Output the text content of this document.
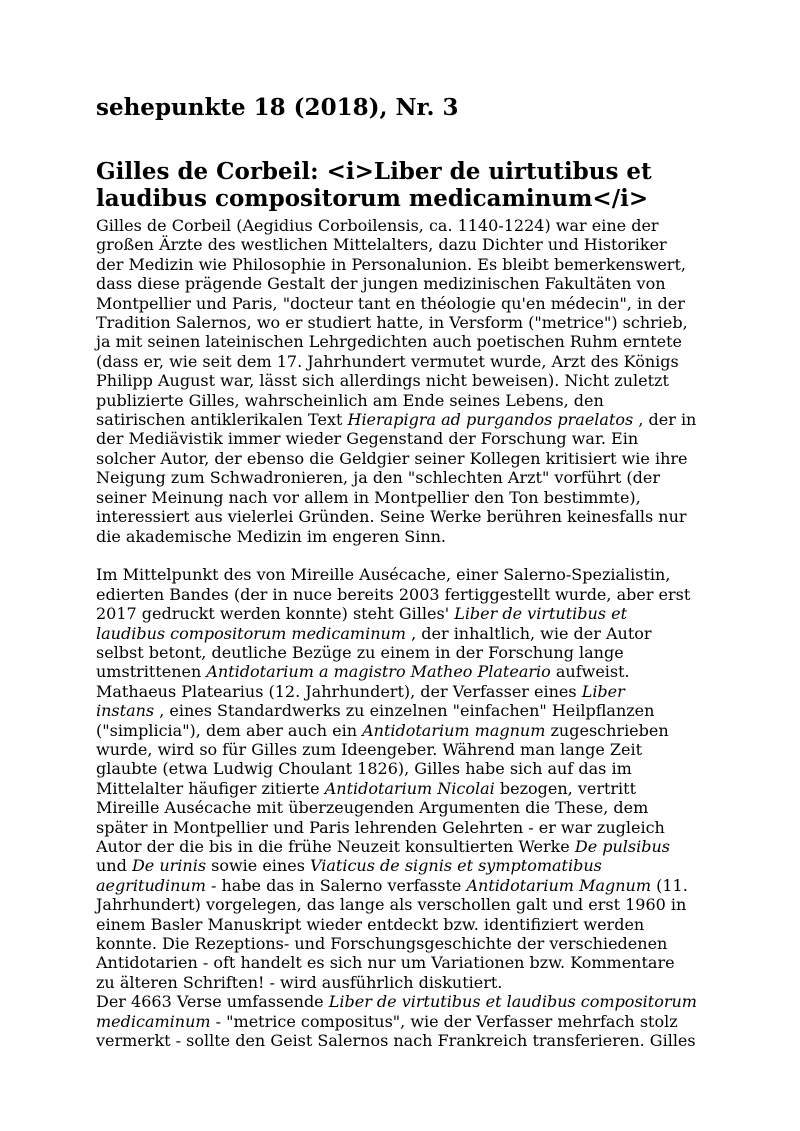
sehepunkte 18 (2018), Nr. 3
Gilles de Corbeil: <i>Liber de uirtutibus et
laudibus compositorum medicaminum</i>

Gilles de Corbeil (Aegidius Corboilensis, ca. 1140-1224) war eine der
großen Ärzte des westlichen Mittelalters, dazu Dichter und Historiker
der Medizin wie Philosophie in Personalunion. Es bleibt bemerkenswert,
dass diese prägende Gestalt der jungen medizinischen Fakultäten von
Montpellier und Paris, "docteur tant en théologie qu'en médecin", in der
Tradition Salernos, wo er studiert hatte, in Versform ("metrice") schrieb,
ja mit seinen lateinischen Lehrgedichten auch poetischen Ruhm erntete
(dass er, wie seit dem 17. Jahrhundert vermutet wurde, Arzt des Königs
Philipp August war, lässt sich allerdings nicht beweisen). Nicht zuletzt
publizierte Gilles, wahrscheinlich am Ende seines Lebens, den
satirischen antiklerikalen Text Hierapigra ad purgandos praelatos , der in
der Mediävistik immer wieder Gegenstand der Forschung war. Ein
solcher Autor, der ebenso die Geldgier seiner Kollegen kritisiert wie ihre
Neigung zum Schwadronieren, ja den "schlechten Arzt" vorführt (der
seiner Meinung nach vor allem in Montpellier den Ton bestimmte),
interessiert aus vielerlei Gründen. Seine Werke berühren keinesfalls nur
die akademische Medizin im engeren Sinn.

Im Mittelpunkt des von Mireille Ausécache, einer Salerno-Spezialistin,
edierten Bandes (der in nuce bereits 2003 fertiggestellt wurde, aber erst
2017 gedruckt werden konnte) steht Gilles' Liber de virtutibus et
laudibus compositorum medicaminum , der inhaltlich, wie der Autor
selbst betont, deutliche Bezüge zu einem in der Forschung lange
umstrittenen Antidotarium a magistro Matheo Plateario aufweist.
Mathaeus Platearius (12. Jahrhundert), der Verfasser eines Liber
instans , eines Standardwerks zu einzelnen "einfachen" Heilpflanzen
("simplicia"), dem aber auch ein Antidotarium magnum zugeschrieben
wurde, wird so für Gilles zum Ideengeber. Während man lange Zeit
glaubte (etwa Ludwig Choulant 1826), Gilles habe sich auf das im
Mittelalter häufiger zitierte Antidotarium Nicolai bezogen, vertritt
Mireille Ausécache mit überzeugenden Argumenten die These, dem
später in Montpellier und Paris lehrenden Gelehrten - er war zugleich
Autor der die bis in die frühe Neuzeit konsultierten Werke De pulsibus
und De urinis sowie eines Viaticus de signis et symptomatibus
aegritudinum - habe das in Salerno verfasste Antidotarium Magnum (11.
Jahrhundert) vorgelegen, das lange als verschollen galt und erst 1960 in
einem Basler Manuskript wieder entdeckt bzw. identifiziert werden
konnte. Die Rezeptions- und Forschungsgeschichte der verschiedenen
Antidotarien - oft handelt es sich nur um Variationen bzw. Kommentare
zu älteren Schriften! - wird ausführlich diskutiert.

Der 4663 Verse umfassende Liber de virtutibus et laudibus compositorum
medicaminum - "metrice compositus", wie der Verfasser mehrfach stolz
vermerkt - sollte den Geist Salernos nach Frankreich transferieren. Gilles
